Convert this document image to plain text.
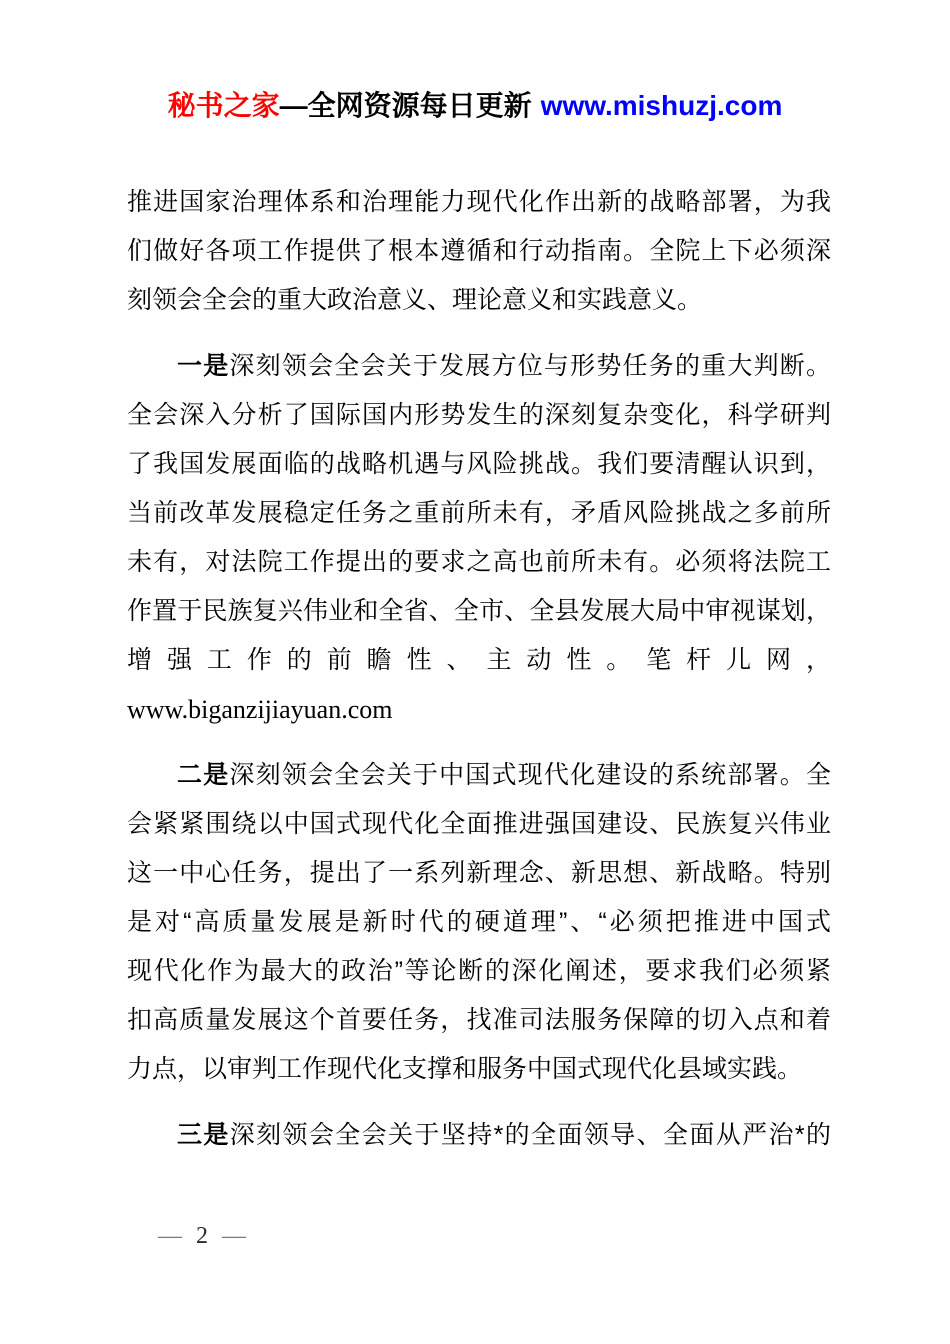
秘书之家—全网资源每日更新 www.mishuzj.com
推进国家治理体系和治理能力现代化作出新的战略部署，为我
们做好各项工作提供了根本遵循和行动指南。全院上下必须深
刻领会全会的重大政治意义、理论意义和实践意义。
一是深刻领会全会关于发展方位与形势任务的重大判断。
全会深入分析了国际国内形势发生的深刻复杂变化，科学研判
了我国发展面临的战略机遇与风险挑战。我们要清醒认识到，
当前改革发展稳定任务之重前所未有，矛盾风险挑战之多前所
未有，对法院工作提出的要求之高也前所未有。必须将法院工
作置于民族复兴伟业和全省、全市、全县发展大局中审视谋划，
增强工作的前瞻性、主动性。笔杆儿网，
www.biganzijiayuan.com
二是深刻领会全会关于中国式现代化建设的系统部署。全
会紧紧围绕以中国式现代化全面推进强国建设、民族复兴伟业
这一中心任务，提出了一系列新理念、新思想、新战略。特别
是对“高质量发展是新时代的硬道理”、“必须把推进中国式
现代化作为最大的政治”等论断的深化阐述，要求我们必须紧
扣高质量发展这个首要任务，找准司法服务保障的切入点和着
力点，以审判工作现代化支撑和服务中国式现代化县域实践。
三是深刻领会全会关于坚持*的全面领导、全面从严治*的
— 2 —
